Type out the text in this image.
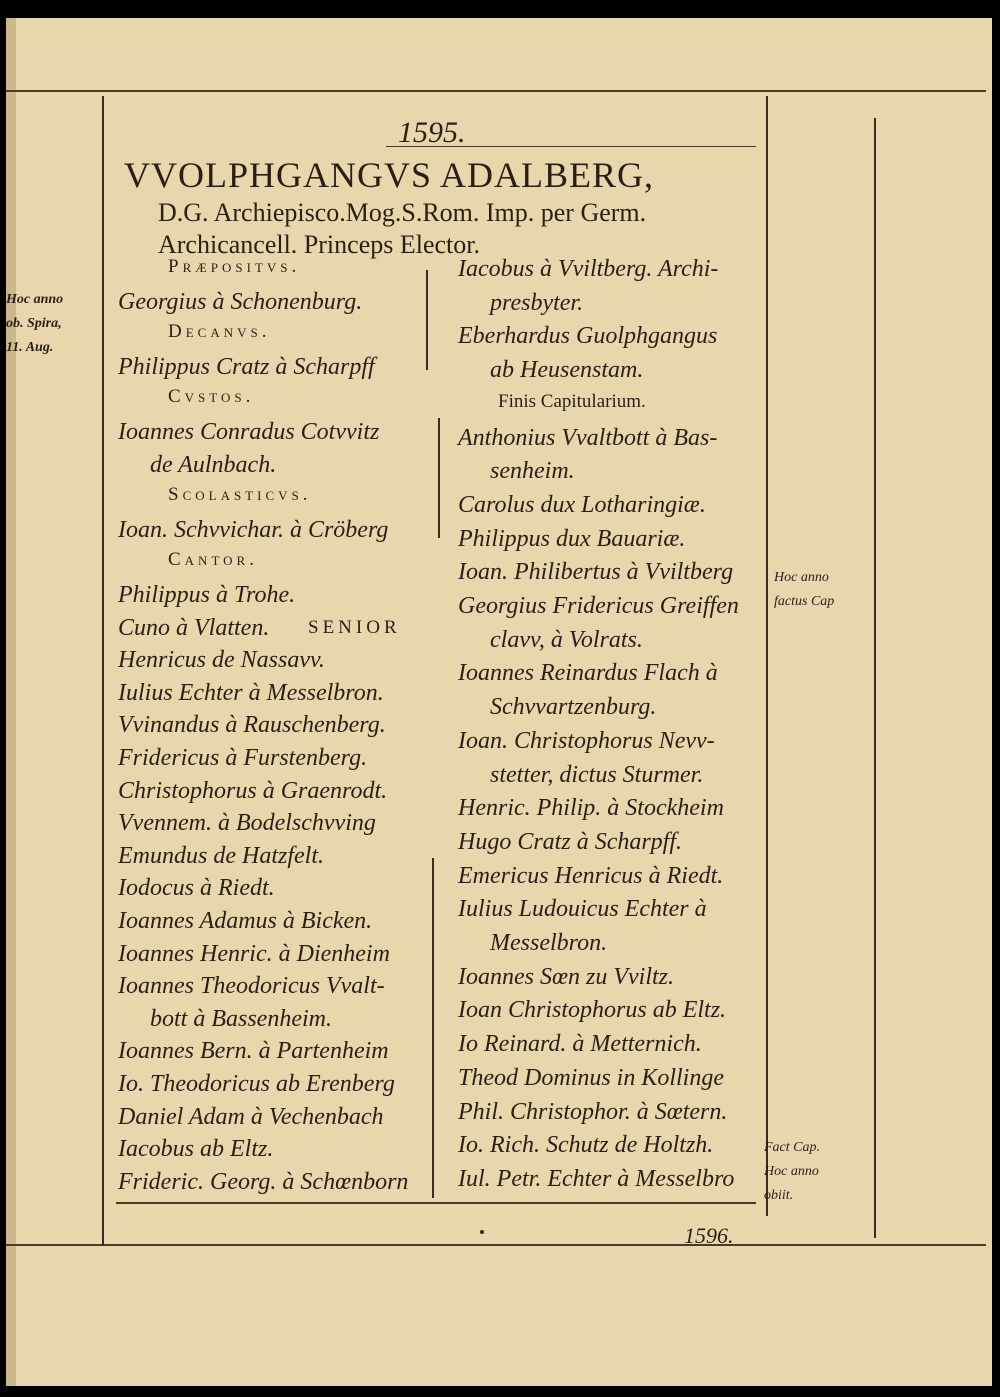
1595.
VVOLPHGANGVS ADALBERG,
D.G. Archiepisco.Mog.S.Rom. Imp. per Germ.
Archicancell. Princeps Elector.
Hoc anno
ob. Spira,
11. Aug.
Præpositvs.
Georgius à Schonenburg.
Decanvs.
Philippus Cratz à Scharpff
Cvstos.
Ioannes Conradus Cotvvitz
de Aulnbach.
Scolasticvs.
Ioan. Schvvichar. à Cröberg
Cantor.
Philippus à Trohe.
Cuno à Vlatten. SENIOR
Henricus de Nassavv.
Iulius Echter à Messelbron.
Vvinandus à Rauschenberg.
Fridericus à Furstenberg.
Christophorus à Graenrodt.
Vvennem. à Bodelschvving
Emundus de Hatzfelt.
Iodocus à Riedt.
Ioannes Adamus à Bicken.
Ioannes Henric. à Dienheim
Ioannes Theodoricus Vvalt-
bott à Bassenheim.
Ioannes Bern. à Partenheim
Io. Theodoricus ab Erenberg
Daniel Adam à Vechenbach
Iacobus ab Eltz.
Frideric. Georg. à Schœnborn
Iacobus à Vviltberg. Archi-
presbyter.
Eberhardus Guolphgangus
ab Heusenstam.
Finis Capitularium.
Anthonius Vvaltbott à Bas-
senheim.
Carolus dux Lotharingiæ.
Philippus dux Bauariæ.
Ioan. Philibertus à Vviltberg
Georgius Fridericus Greiffen
clavv, à Volrats.
Ioannes Reinardus Flach à
Schvvartzenburg.
Ioan. Christophorus Nevv-
stetter, dictus Sturmer.
Henric. Philip. à Stockheim
Hugo Cratz à Scharpff.
Emericus Henricus à Riedt.
Iulius Ludouicus Echter à
Messelbron.
Ioannes Sœn zu Vviltz.
Ioan Christophorus ab Eltz.
Io Reinard. à Metternich.
Theod Dominus in Kollinge
Phil. Christophor. à Sœtern.
Io. Rich. Schutz de Holtzh.
Iul. Petr. Echter à Messelbro
Hoc anno
factus Cap
Fact Cap.
Hoc anno
obiit.
1596.
